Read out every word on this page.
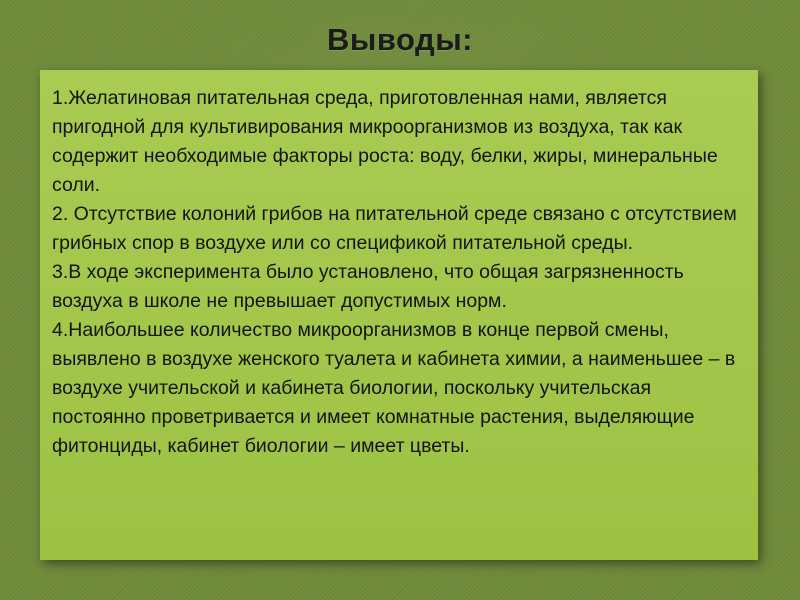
Выводы:

1.Желатиновая питательная среда, приготовленная нами, является пригодной для культивирования микроорганизмов из воздуха, так как содержит необходимые факторы роста: воду, белки, жиры, минеральные соли.

2. Отсутствие колоний грибов на питательной среде связано с отсутствием грибных спор в воздухе или со спецификой питательной среды.

3.В ходе эксперимента было установлено, что общая загрязненность воздуха в школе не превышает допустимых норм.

4.Наибольшее количество микроорганизмов в конце первой смены, выявлено в воздухе женского туалета и кабинета химии, а наименьшее – в воздухе учительской и кабинета биологии, поскольку учительская постоянно проветривается и имеет комнатные растения, выделяющие фитонциды, кабинет биологии – имеет цветы.
